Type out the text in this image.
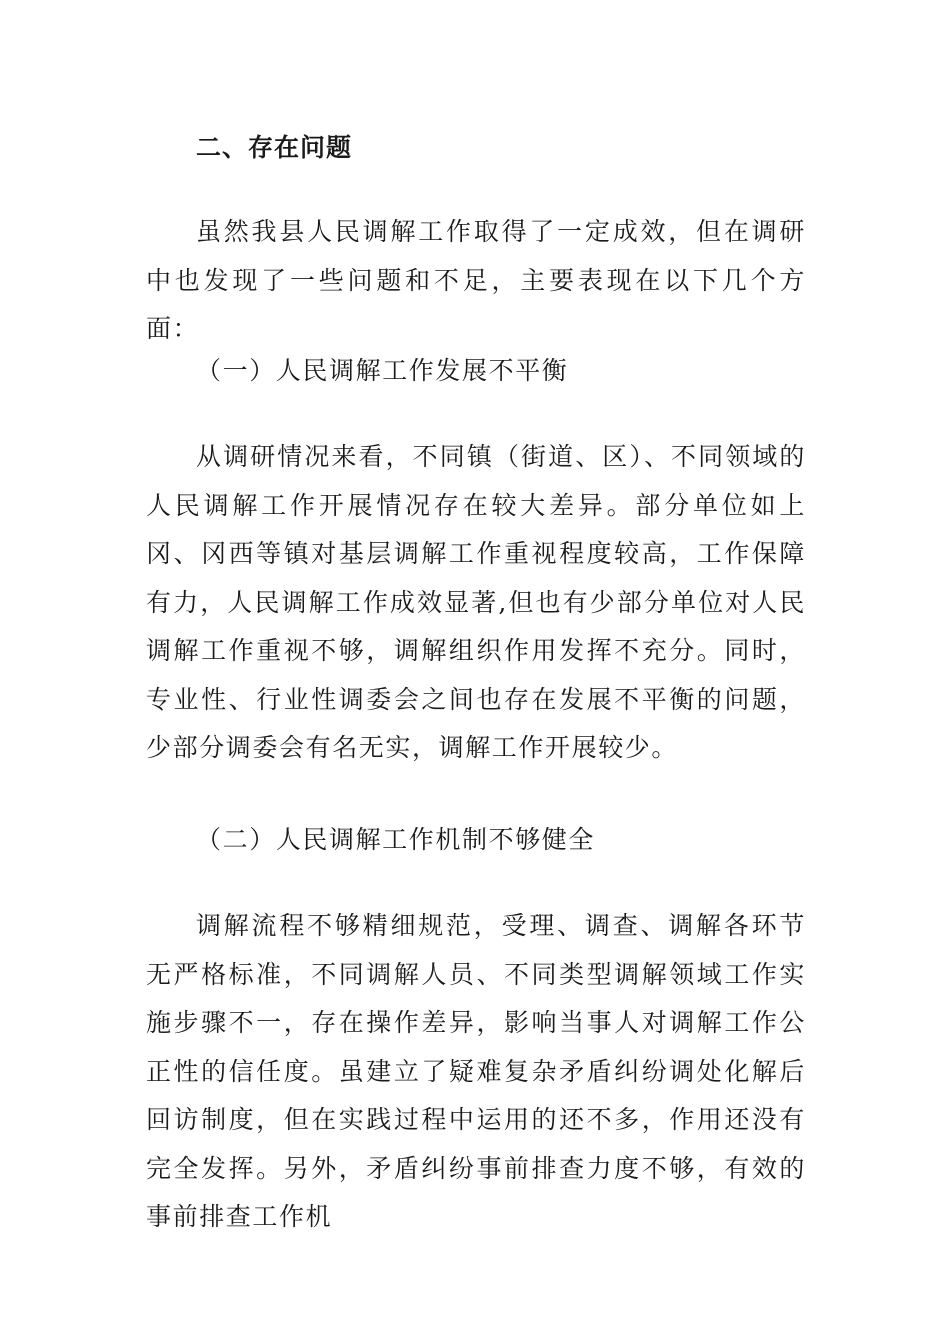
二、存在问题

虽然我县人民调解工作取得了一定成效，但在调研中也发现了一些问题和不足，主要表现在以下几个方面：

（一）人民调解工作发展不平衡

从调研情况来看，不同镇（街道、区）、不同领域的人民调解工作开展情况存在较大差异。部分单位如上冈、冈西等镇对基层调解工作重视程度较高，工作保障有力，人民调解工作成效显著,但也有少部分单位对人民调解工作重视不够，调解组织作用发挥不充分。同时，专业性、行业性调委会之间也存在发展不平衡的问题，少部分调委会有名无实，调解工作开展较少。

（二）人民调解工作机制不够健全

调解流程不够精细规范，受理、调查、调解各环节无严格标准，不同调解人员、不同类型调解领域工作实施步骤不一，存在操作差异，影响当事人对调解工作公正性的信任度。虽建立了疑难复杂矛盾纠纷调处化解后回访制度，但在实践过程中运用的还不多，作用还没有完全发挥。另外，矛盾纠纷事前排查力度不够，有效的事前排查工作机
